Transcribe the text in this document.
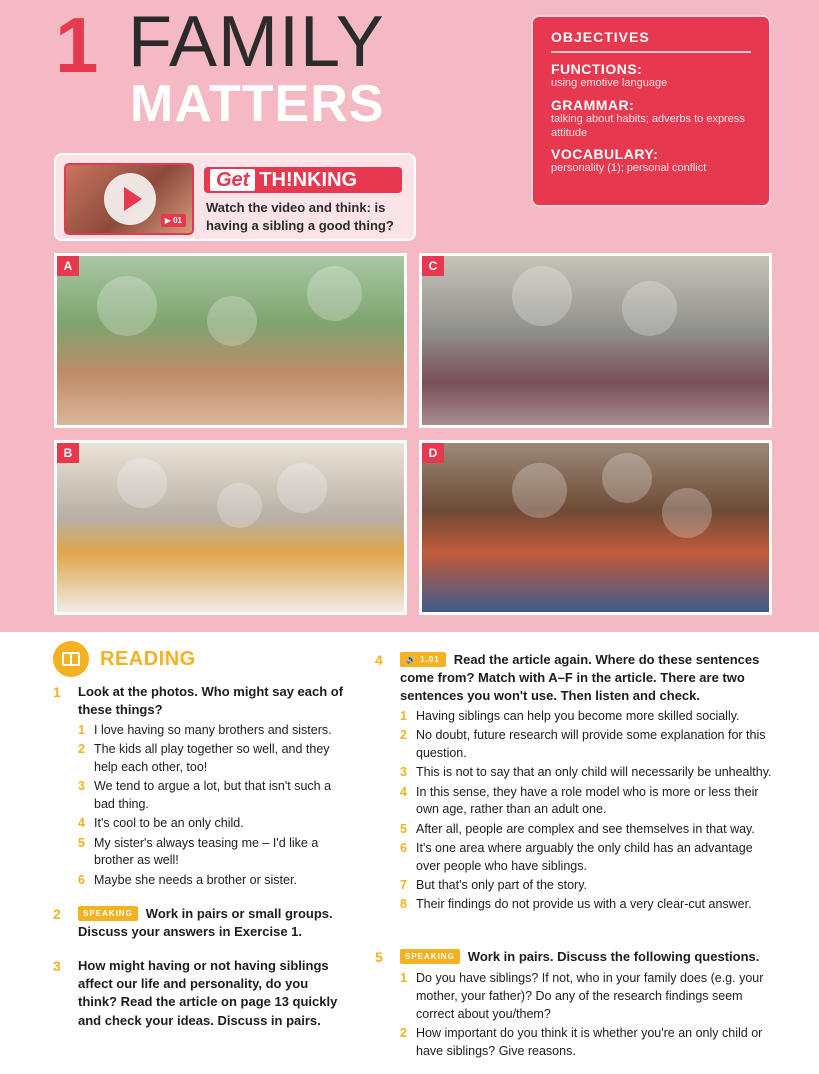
1 FAMILY
MATTERS
OBJECTIVES
FUNCTIONS:
using emotive language
GRAMMAR:
talking about habits; adverbs to express attitude
VOCABULARY:
personality (1); personal conflict
▶ 01
Get TH!NKING
Watch the video and think: is having a sibling a good thing?
A	C
B	D
READING
1 Look at the photos. Who might say each of these things?
1 I love having so many brothers and sisters.
2 The kids all play together so well, and they help each other, too!
3 We tend to argue a lot, but that isn't such a bad thing.
4 It's cool to be an only child.
5 My sister's always teasing me – I'd like a brother as well!
6 Maybe she needs a brother or sister.
2	SPEAKING Work in pairs or small groups. Discuss your answers in Exercise 1.
3 How might having or not having siblings affect our life and personality, do you think? Read the article on page 13 quickly and check your ideas. Discuss in pairs.
4	🔊 1.01 Read the article again. Where do these sentences come from? Match with A–F in the article. There are two sentences you won't use. Then listen and check.
1 Having siblings can help you become more skilled socially.
2 No doubt, future research will provide some explanation for this question.
3 This is not to say that an only child will necessarily be unhealthy.
4 In this sense, they have a role model who is more or less their own age, rather than an adult one.
5 After all, people are complex and see themselves in that way.
6 It's one area where arguably the only child has an advantage over people who have siblings.
7 But that's only part of the story.
8 Their findings do not provide us with a very clear-cut answer.
5	SPEAKING Work in pairs. Discuss the following questions.
1 Do you have siblings? If not, who in your family does (e.g. your mother, your father)? Do any of the research findings seem correct about you/them?
2 How important do you think it is whether you're an only child or have siblings? Give reasons.
